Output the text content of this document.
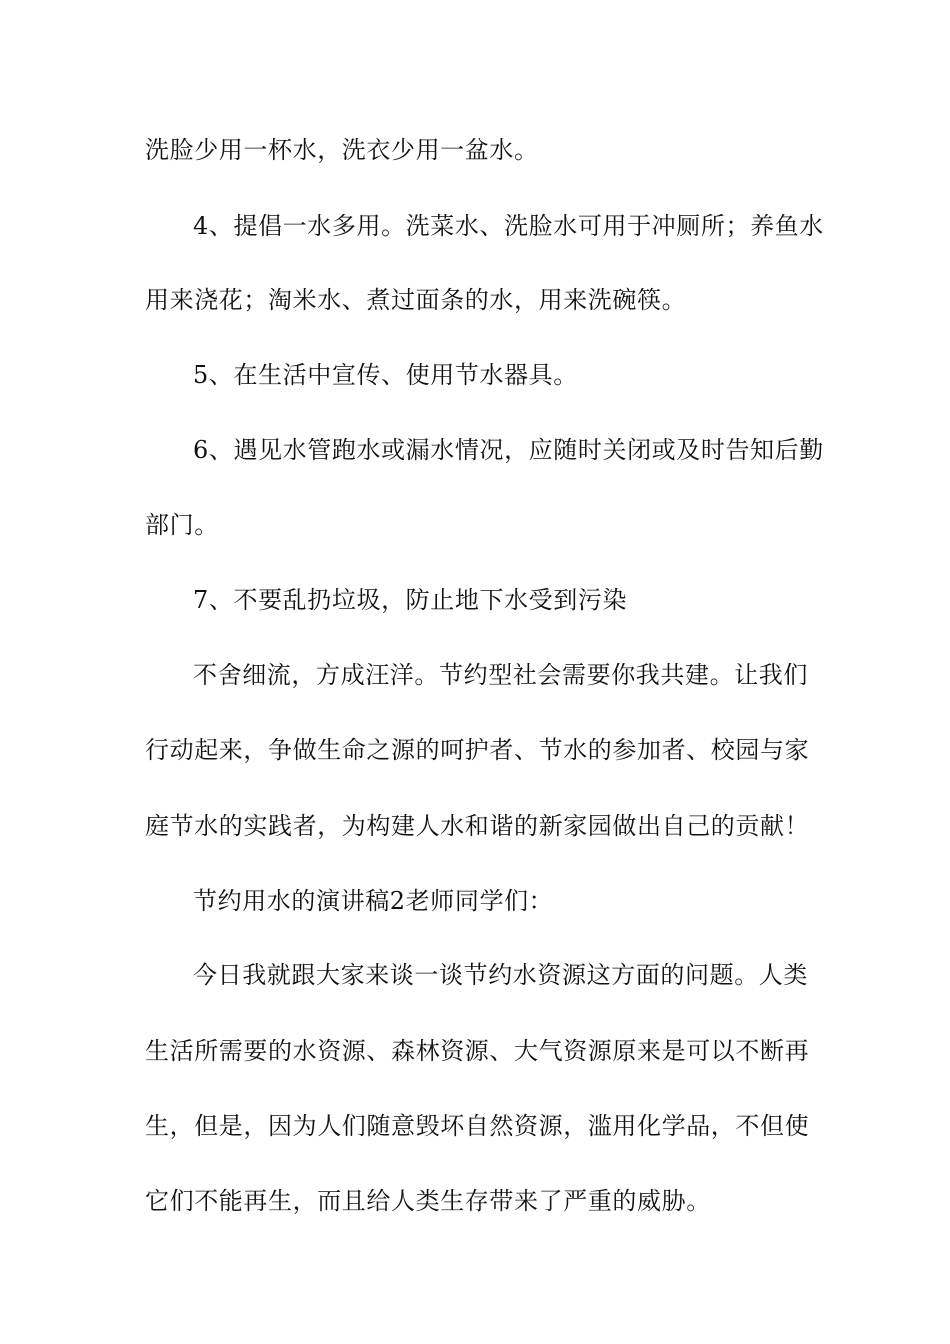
洗脸少用一杯水，洗衣少用一盆水。
4、提倡一水多用。洗菜水、洗脸水可用于冲厕所；养鱼水
用来浇花；淘米水、煮过面条的水，用来洗碗筷。
5、在生活中宣传、使用节水器具。
6、遇见水管跑水或漏水情况，应随时关闭或及时告知后勤
部门。
7、不要乱扔垃圾，防止地下水受到污染
不舍细流，方成汪洋。节约型社会需要你我共建。让我们
行动起来，争做生命之源的呵护者、节水的参加者、校园与家
庭节水的实践者，为构建人水和谐的新家园做出自己的贡献！
节约用水的演讲稿2老师同学们：
今日我就跟大家来谈一谈节约水资源这方面的问题。人类
生活所需要的水资源、森林资源、大气资源原来是可以不断再
生，但是，因为人们随意毁坏自然资源，滥用化学品，不但使
它们不能再生，而且给人类生存带来了严重的威胁。
